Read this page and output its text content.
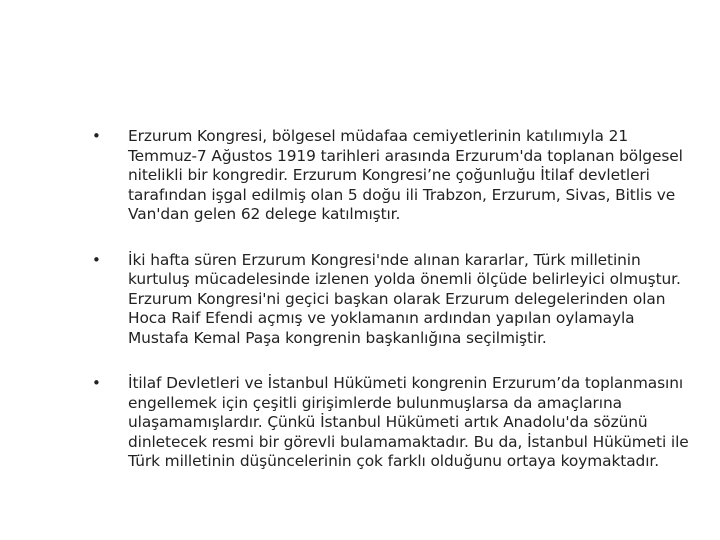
•	Erzurum Kongresi, bölgesel müdafaa cemiyetlerinin katılımıyla 21 Temmuz-7 Ağustos 1919 tarihleri arasında Erzurum'da toplanan bölgesel nitelikli bir kongredir. Erzurum Kongresi’ne çoğunluğu İtilaf devletleri tarafından işgal edilmiş olan 5 doğu ili Trabzon, Erzurum, Sivas, Bitlis ve Van'dan gelen 62 delege katılmıştır.
•	İki hafta süren Erzurum Kongresi'nde alınan kararlar, Türk milletinin kurtuluş mücadelesinde izlenen yolda önemli ölçüde belirleyici olmuştur. Erzurum Kongresi'ni geçici başkan olarak Erzurum delegelerinden olan Hoca Raif Efendi açmış ve yoklamanın ardından yapılan oylamayla Mustafa Kemal Paşa kongrenin başkanlığına seçilmiştir.
•	İtilaf Devletleri ve İstanbul Hükümeti kongrenin Erzurum’da toplanmasını engellemek için çeşitli girişimlerde bulunmuşlarsa da amaçlarına ulaşamamışlardır. Çünkü İstanbul Hükümeti artık Anadolu'da sözünü dinletecek resmi bir görevli bulamamaktadır. Bu da, İstanbul Hükümeti ile Türk milletinin düşüncelerinin çok farklı olduğunu ortaya koymaktadır.
